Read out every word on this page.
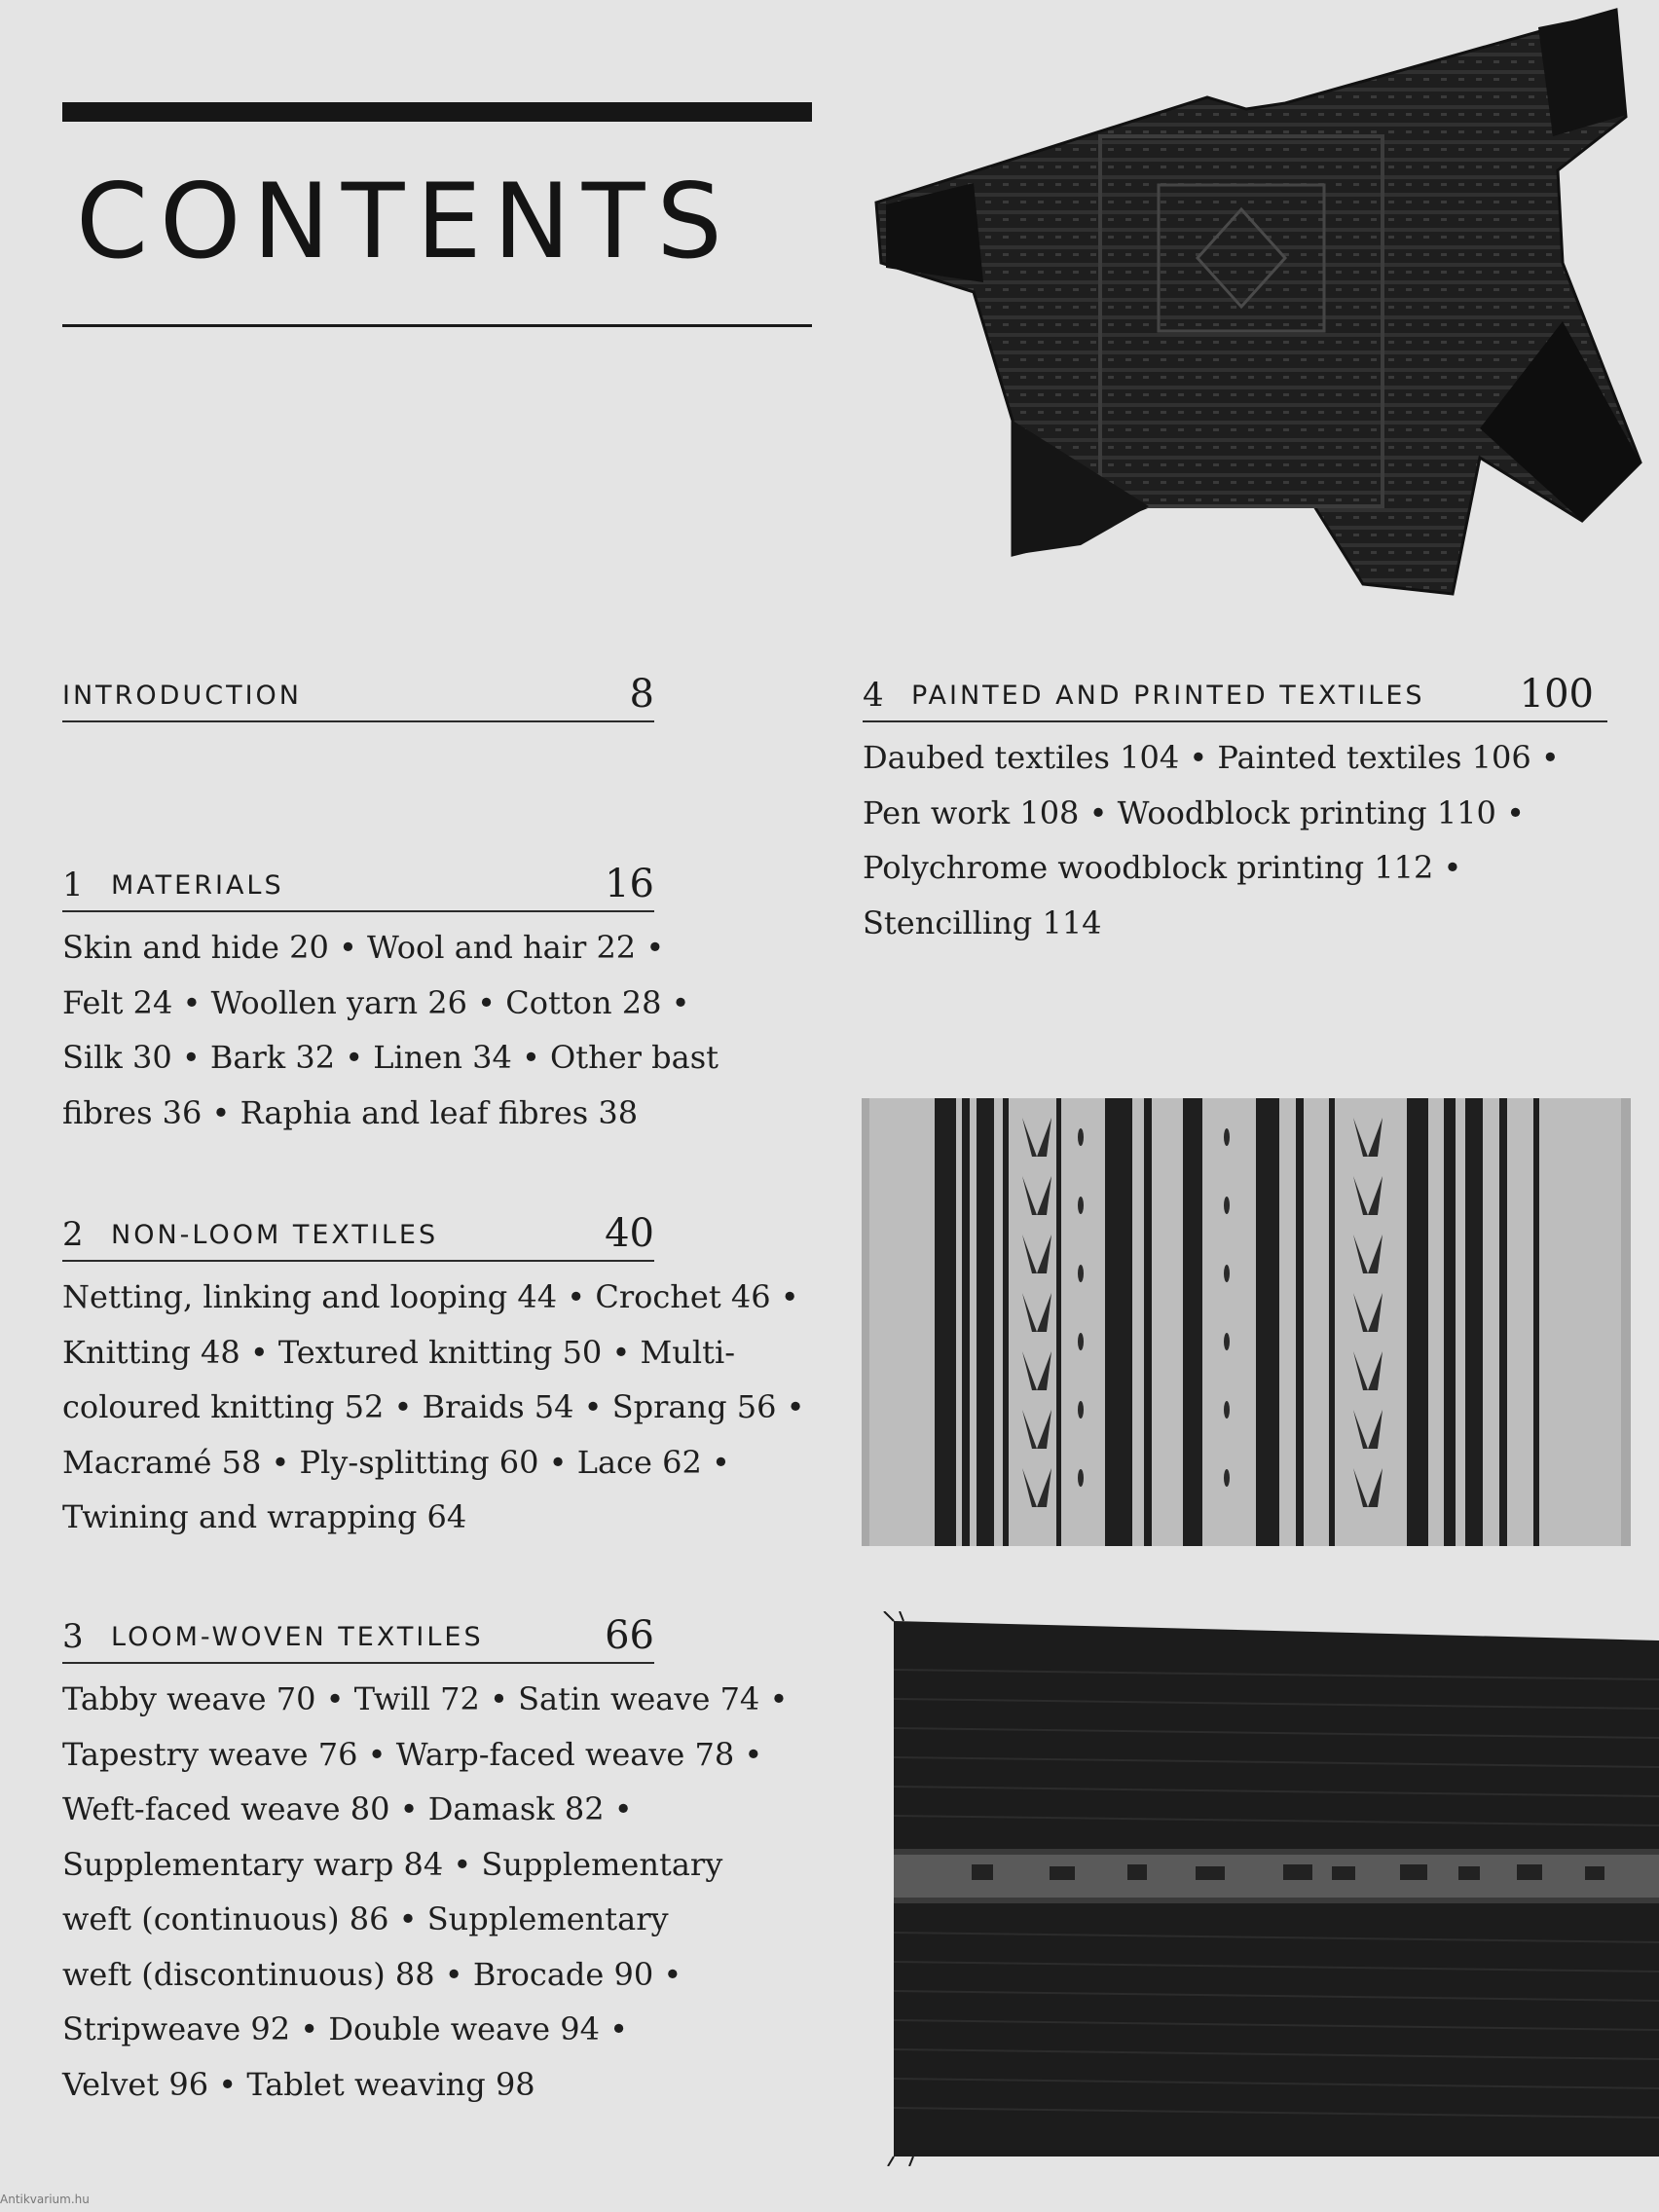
CONTENTS
INTRODUCTION	8
1 MATERIALS	16
Skin and hide 20 • Wool and hair 22 •
Felt 24 • Woollen yarn 26 • Cotton 28 •
Silk 30 • Bark 32 • Linen 34 • Other bast
fibres 36 • Raphia and leaf fibres 38
2 NON-LOOM TEXTILES	40
Netting, linking and looping 44 • Crochet 46 •
Knitting 48 • Textured knitting 50 • Multi-
coloured knitting 52 • Braids 54 • Sprang 56 •
Macramé 58 • Ply-splitting 60 • Lace 62 •
Twining and wrapping 64
3 LOOM-WOVEN TEXTILES	66
Tabby weave 70 • Twill 72 • Satin weave 74 •
Tapestry weave 76 • Warp-faced weave 78 •
Weft-faced weave 80 • Damask 82 •
Supplementary warp 84 • Supplementary
weft (continuous) 86 • Supplementary
weft (discontinuous) 88 • Brocade 90 •
Stripweave 92 • Double weave 94 •
Velvet 96 • Tablet weaving 98
4 PAINTED AND PRINTED TEXTILES 100
Daubed textiles 104 • Painted textiles 106 •
Pen work 108 • Woodblock printing 110 •
Polychrome woodblock printing 112 •
Stencilling 114
Antikvarium.hu
